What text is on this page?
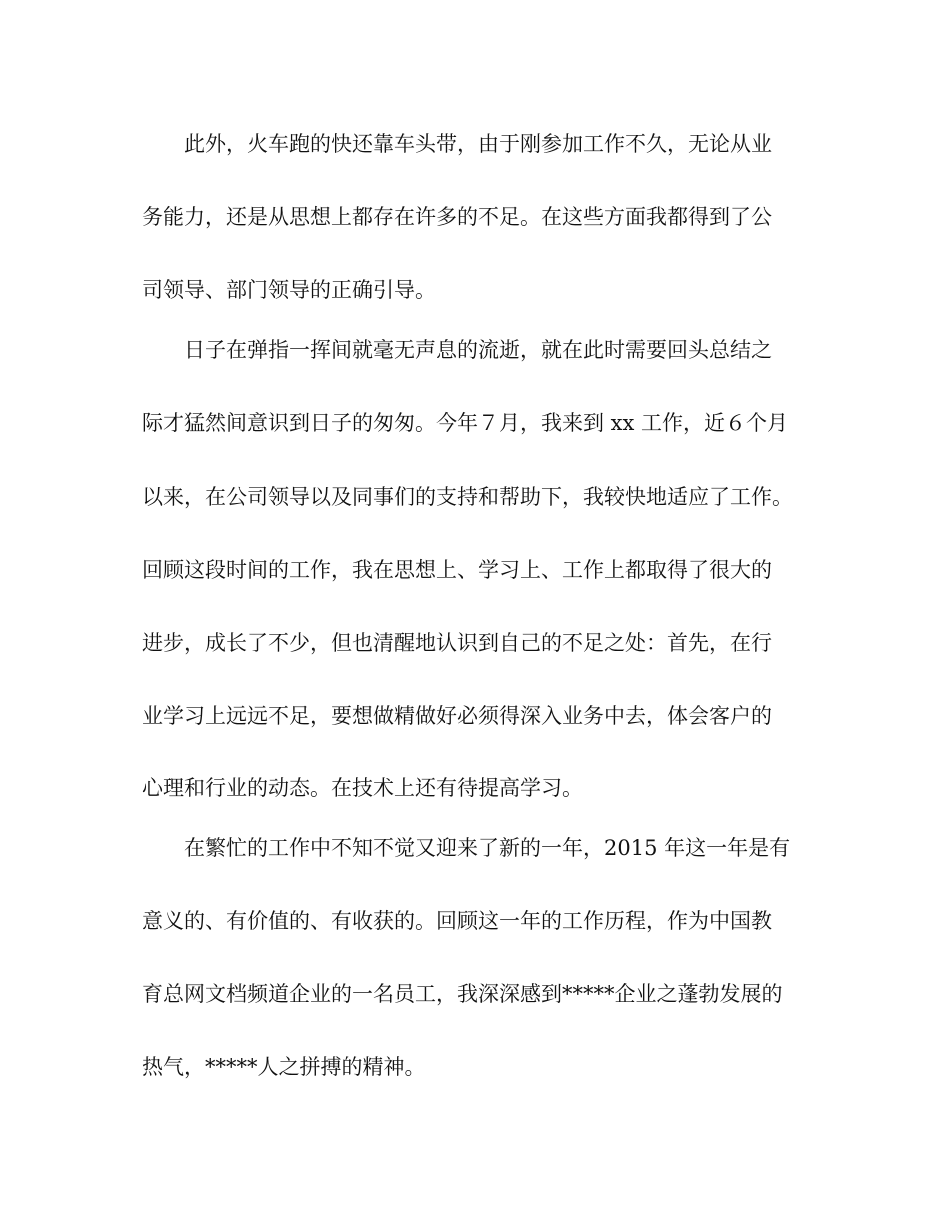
此外，火车跑的快还靠车头带，由于刚参加工作不久，无论从业
务能力，还是从思想上都存在许多的不足。在这些方面我都得到了公
司领导、部门领导的正确引导。
日子在弹指一挥间就毫无声息的流逝，就在此时需要回头总结之
际才猛然间意识到日子的匆匆。今年７月，我来到 xx 工作，近６个月
以来，在公司领导以及同事们的支持和帮助下，我较快地适应了工作。
回顾这段时间的工作，我在思想上、学习上、工作上都取得了很大的
进步，成长了不少，但也清醒地认识到自己的不足之处：首先，在行
业学习上远远不足，要想做精做好必须得深入业务中去，体会客户的
心理和行业的动态。在技术上还有待提高学习。
在繁忙的工作中不知不觉又迎来了新的一年，2015 年这一年是有
意义的、有价值的、有收获的。回顾这一年的工作历程，作为中国教
育总网文档频道企业的一名员工，我深深感到*****企业之蓬勃发展的
热气，*****人之拼搏的精神。
